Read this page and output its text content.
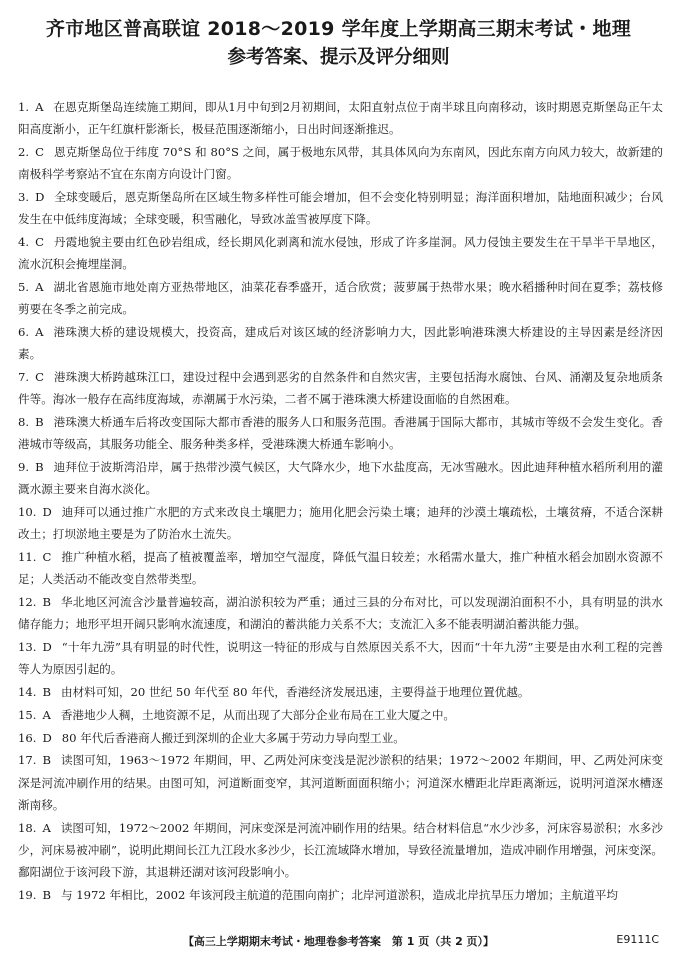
齐市地区普高联谊 2018～2019 学年度上学期高三期末考试・地理
参考答案、提示及评分细则
1. A 在恩克斯堡岛连续施工期间，即从1月中旬到2月初期间，太阳直射点位于南半球且向南移动，该时期恩克斯堡岛正午太阳高度渐小，正午红旗杆影渐长，极昼范围逐渐缩小，日出时间逐渐推迟。
2. C 恩克斯堡岛位于纬度 70°S 和 80°S 之间，属于极地东风带，其具体风向为东南风，因此东南方向风力较大，故新建的南极科学考察站不宜在东南方向设计门窗。
3. D 全球变暖后，恩克斯堡岛所在区域生物多样性可能会增加，但不会变化特别明显；海洋面积增加，陆地面积减少；台风发生在中低纬度海域；全球变暖，积雪融化，导致冰盖雪被厚度下降。
4. C 丹霞地貌主要由红色砂岩组成，经长期风化剥离和流水侵蚀，形成了许多崖洞。风力侵蚀主要发生在干旱半干旱地区，流水沉积会掩埋崖洞。
5. A 湖北省恩施市地处南方亚热带地区，油菜花春季盛开，适合欣赏；菠萝属于热带水果；晚水稻播种时间在夏季；荔枝修剪要在冬季之前完成。
6. A 港珠澳大桥的建设规模大，投资高，建成后对该区域的经济影响力大，因此影响港珠澳大桥建设的主导因素是经济因素。
7. C 港珠澳大桥跨越珠江口，建设过程中会遇到恶劣的自然条件和自然灾害，主要包括海水腐蚀、台风、涌潮及复杂地质条件等。海冰一般存在高纬度海域，赤潮属于水污染，二者不属于港珠澳大桥建设面临的自然困难。
8. B 港珠澳大桥通车后将改变国际大都市香港的服务人口和服务范围。香港属于国际大都市，其城市等级不会发生变化。香港城市等级高，其服务功能全、服务种类多样，受港珠澳大桥通车影响小。
9. B 迪拜位于波斯湾沿岸，属于热带沙漠气候区，大气降水少，地下水盐度高，无冰雪融水。因此迪拜种植水稻所利用的灌溉水源主要来自海水淡化。
10. D 迪拜可以通过推广水肥的方式来改良土壤肥力；施用化肥会污染土壤；迪拜的沙漠土壤疏松，土壤贫瘠，不适合深耕改土；打坝淤地主要是为了防治水土流失。
11. C 推广种植水稻，提高了植被覆盖率，增加空气湿度，降低气温日较差；水稻需水量大，推广种植水稻会加剧水资源不足；人类活动不能改变自然带类型。
12. B 华北地区河流含沙量普遍较高，湖泊淤积较为严重；通过三县的分布对比，可以发现湖泊面积不小，具有明显的洪水储存能力；地形平坦开阔只影响水流速度，和湖泊的蓄洪能力关系不大；支流汇入多不能表明湖泊蓄洪能力强。
13. D “十年九涝”具有明显的时代性，说明这一特征的形成与自然原因关系不大，因而“十年九涝”主要是由水利工程的完善等人为原因引起的。
14. B 由材料可知，20 世纪 50 年代至 80 年代，香港经济发展迅速，主要得益于地理位置优越。
15. A 香港地少人稠，土地资源不足，从而出现了大部分企业布局在工业大厦之中。
16. D 80 年代后香港商人搬迁到深圳的企业大多属于劳动力导向型工业。
17. B 读图可知，1963～1972 年期间，甲、乙两处河床变浅是泥沙淤积的结果；1972～2002 年期间，甲、乙两处河床变深是河流冲刷作用的结果。由图可知，河道断面变窄，其河道断面面积缩小；河道深水槽距北岸距离渐远，说明河道深水槽逐渐南移。
18. A 读图可知，1972～2002 年期间，河床变深是河流冲刷作用的结果。结合材料信息“水少沙多，河床容易淤积；水多沙少，河床易被冲刷”，说明此期间长江九江段水多沙少，长江流域降水增加，导致径流量增加，造成冲刷作用增强，河床变深。鄱阳湖位于该河段下游，其退耕还湖对该河段影响小。
19. B 与 1972 年相比，2002 年该河段主航道的范围向南扩；北岸河道淤积，造成北岸抗旱压力增加；主航道平均
【高三上学期期末考试・地理卷参考答案　第 1 页（共 2 页）】	E9111C
